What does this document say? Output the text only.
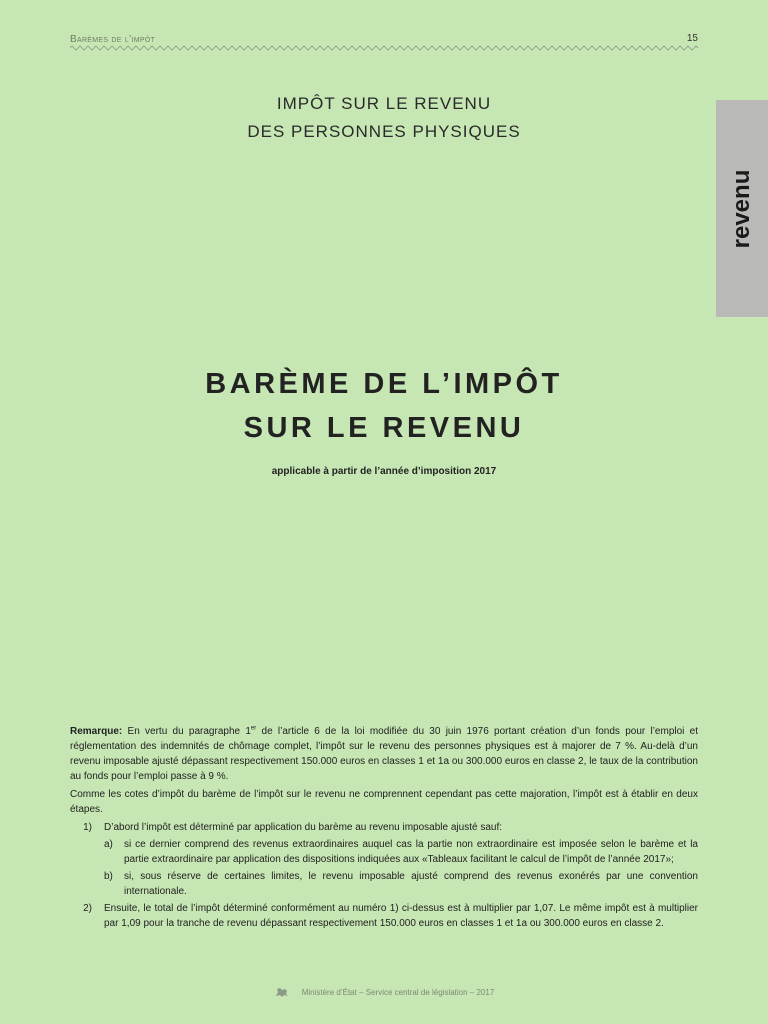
Barèmes de l’impôt	15
revenu
IMPÔT SUR LE REVENU
DES PERSONNES PHYSIQUES
BARÈME DE L’IMPÔT
SUR LE REVENU
applicable à partir de l’année d’imposition 2017

Remarque: En vertu du paragraphe 1er de l’article 6 de la loi modifiée du 30 juin 1976 portant création d’un fonds pour l’emploi et réglementation des indemnités de chômage complet, l’impôt sur le revenu des personnes physiques est à majorer de 7 %. Au-delà d’un revenu imposable ajusté dépassant respectivement 150.000 euros en classes 1 et 1a ou 300.000 euros en classe 2, le taux de la contribution au fonds pour l’emploi passe à 9 %.

Comme les cotes d’impôt du barème de l’impôt sur le revenu ne comprennent cependant pas cette majoration, l’impôt est à établir en deux étapes.

1)	D’abord l’impôt est déterminé par application du barème au revenu imposable ajusté sauf:
a)	si ce dernier comprend des revenus extraordinaires auquel cas la partie non extraordinaire est imposée selon le barème et la partie extraordinaire par application des dispositions indiquées aux «Tableaux facilitant le calcul de l’impôt de l’année 2017»;
b)	si, sous réserve de certaines limites, le revenu imposable ajusté comprend des revenus exonérés par une convention internationale.
2)	Ensuite, le total de l’impôt déterminé conformément au numéro 1) ci-dessus est à multiplier par 1,07. Le même impôt est à multiplier par 1,09 pour la tranche de revenu dépassant respectivement 150.000 euros en classes 1 et 1a ou 300.000 euros en classe 2.
Ministère d’État – Service central de législation – 2017
